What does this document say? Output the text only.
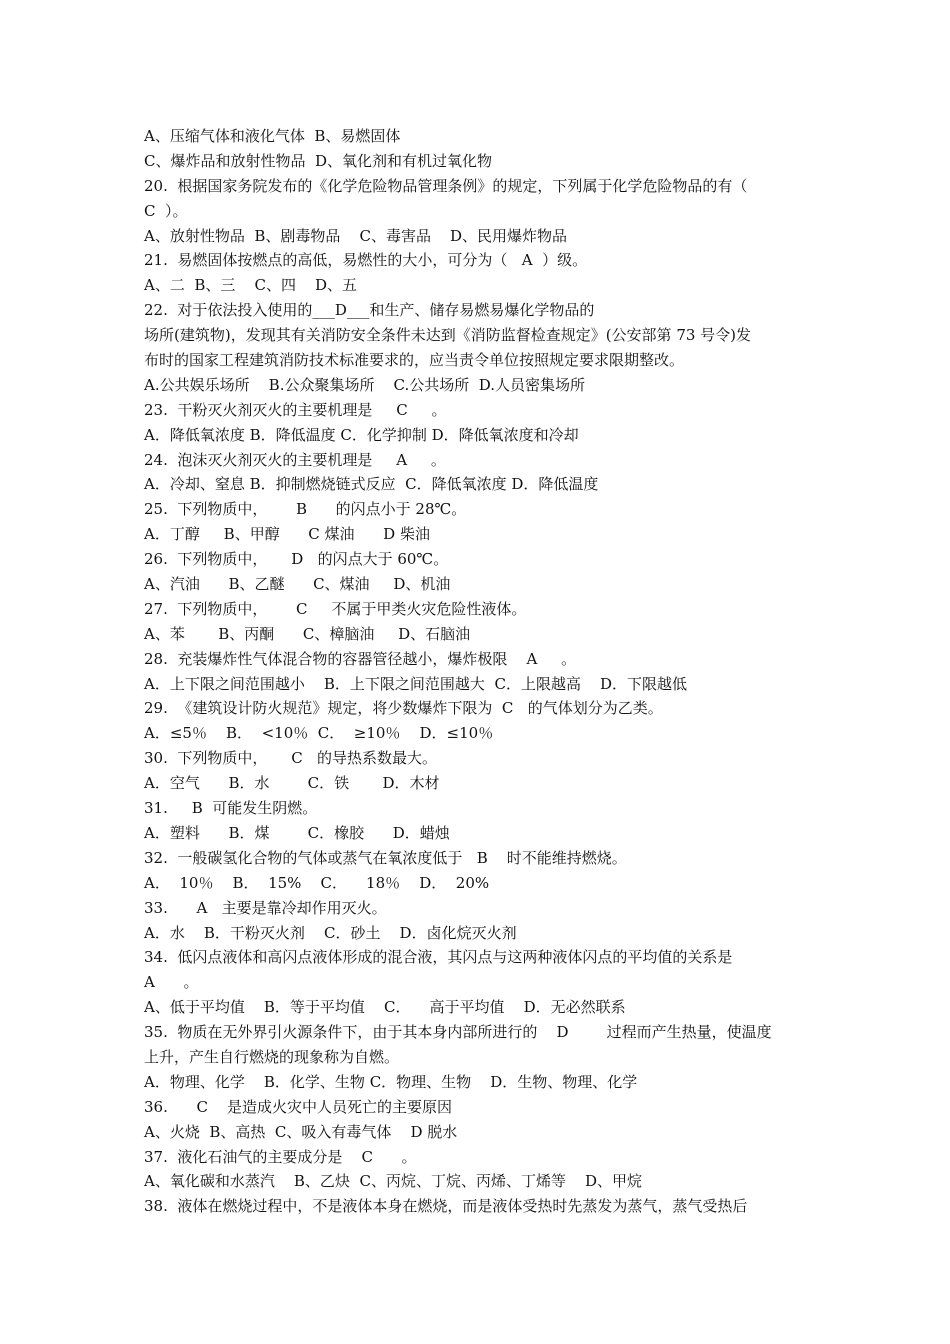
A、压缩气体和液化气体  B、易燃固体
C、爆炸品和放射性物品  D、氧化剂和有机过氧化物
20.  根据国家务院发布的《化学危险物品管理条例》的规定，下列属于化学危险物品的有（
C  ）。
A、放射性物品  B、剧毒物品    C、毒害品    D、民用爆炸物品
21.  易燃固体按燃点的高低，易燃性的大小，可分为（   A  ）级。
A、二  B、三    C、四    D、五
22.  对于依法投入使用的___D___和生产、储存易燃易爆化学物品的
场所(建筑物)，发现其有关消防安全条件未达到《消防监督检查规定》(公安部第 73 号令)发
布时的国家工程建筑消防技术标准要求的，应当责令单位按照规定要求限期整改。
A.公共娱乐场所    B.公众聚集场所    C.公共场所  D.人员密集场所
23.  干粉灭火剂灭火的主要机理是     C     。
A．降低氧浓度 B．降低温度 C．化学抑制 D．降低氧浓度和冷却
24.  泡沫灭火剂灭火的主要机理是     A     。
A．冷却、窒息 B．抑制燃烧链式反应  C．降低氧浓度 D．降低温度
25.  下列物质中，      B      的闪点小于 28℃。
A．丁醇     B、甲醇      C 煤油      D 柴油
26.  下列物质中，     D   的闪点大于 60℃。
A、汽油      B、乙醚      C、煤油     D、机油
27.  下列物质中，      C     不属于甲类火灾危险性液体。
A、苯       B、丙酮      C、樟脑油     D、石脑油
28.  充装爆炸性气体混合物的容器管径越小，爆炸极限    A     。
A．上下限之间范围越小    B．上下限之间范围越大  C．上限越高    D．下限越低
29.  《建筑设计防火规范》规定，将少数爆炸下限为  C   的气体划分为乙类。
A．≤5％    B．  <10％  C．  ≥10％    D．≤10％
30.  下列物质中，     C   的导热系数最大。
A．空气      B．水        C．铁       D．木材
31.     B  可能发生阴燃。
A．塑料      B．煤        C．橡胶      D．蜡烛
32.  一般碳氢化合物的气体或蒸气在氧浓度低于   B    时不能维持燃烧。
A．  10％    B．  15%    C．    18％    D．  20%
33.      A   主要是靠冷却作用灭火。
A．水    B．干粉灭火剂    C．砂土    D．卤化烷灭火剂
34.  低闪点液体和高闪点液体形成的混合液，其闪点与这两种液体闪点的平均值的关系是
A      。
A、低于平均值    B．等于平均值    C．    高于平均值    D．无必然联系
35.  物质在无外界引火源条件下，由于其本身内部所进行的    D        过程而产生热量，使温度
上升，产生自行燃烧的现象称为自燃。
A．物理、化学    B．化学、生物 C．物理、生物    D．生物、物理、化学
36.      C    是造成火灾中人员死亡的主要原因
A、火烧  B、高热  C、吸入有毒气体    D 脱水
37.  液化石油气的主要成分是    C      。
A、氧化碳和水蒸汽    B、乙炔  C、丙烷、丁烷、丙烯、丁烯等    D、甲烷
38.  液体在燃烧过程中，不是液体本身在燃烧，而是液体受热时先蒸发为蒸气，蒸气受热后
